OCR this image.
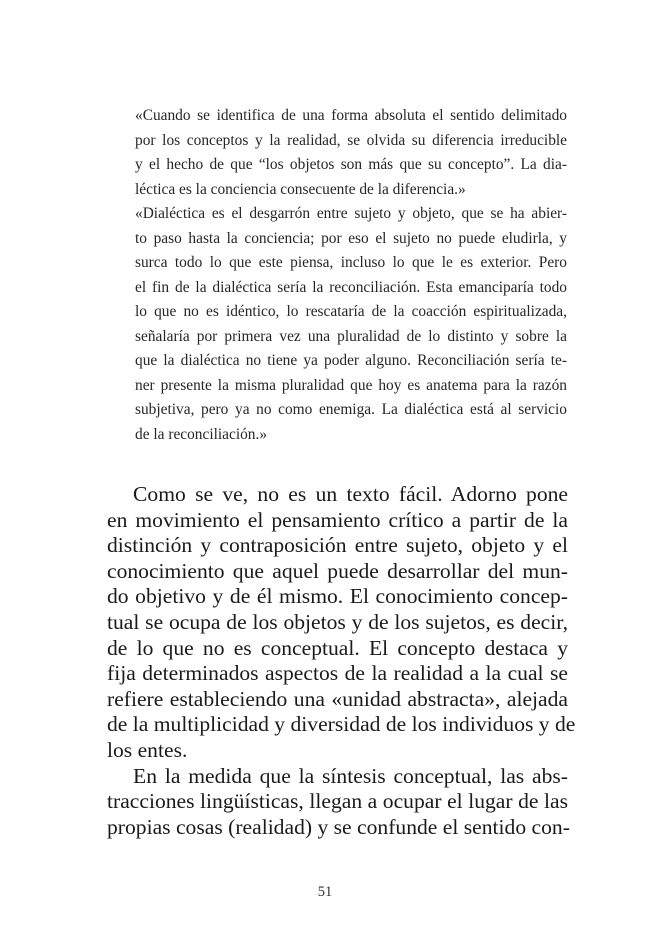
«Cuando se identifica de una forma absoluta el sentido delimitado
por los conceptos y la realidad, se olvida su diferencia irreducible
y el hecho de que “los objetos son más que su concepto”. La dia-
léctica es la conciencia consecuente de la diferencia.»
«Dialéctica es el desgarrón entre sujeto y objeto, que se ha abier-
to paso hasta la conciencia; por eso el sujeto no puede eludirla, y
surca todo lo que este piensa, incluso lo que le es exterior. Pero
el fin de la dialéctica sería la reconciliación. Esta emanciparía todo
lo que no es idéntico, lo rescataría de la coacción espiritualizada,
señalaría por primera vez una pluralidad de lo distinto y sobre la
que la dialéctica no tiene ya poder alguno. Reconciliación sería te-
ner presente la misma pluralidad que hoy es anatema para la razón
subjetiva, pero ya no como enemiga. La dialéctica está al servicio
de la reconciliación.»
Como se ve, no es un texto fácil. Adorno pone
en movimiento el pensamiento crítico a partir de la
distinción y contraposición entre sujeto, objeto y el
conocimiento que aquel puede desarrollar del mun-
do objetivo y de él mismo. El conocimiento concep-
tual se ocupa de los objetos y de los sujetos, es decir,
de lo que no es conceptual. El concepto destaca y
fija determinados aspectos de la realidad a la cual se
refiere estableciendo una «unidad abstracta», alejada
de la multiplicidad y diversidad de los individuos y de
los entes.
En la medida que la síntesis conceptual, las abs-
tracciones lingüísticas, llegan a ocupar el lugar de las
propias cosas (realidad) y se confunde el sentido con-
51
